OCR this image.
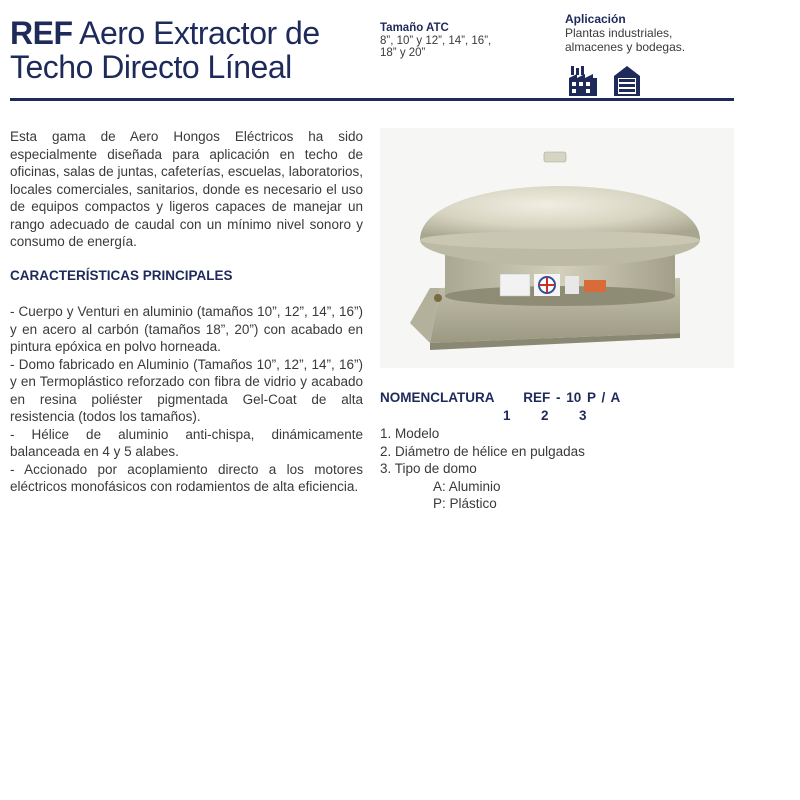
REF Aero Extractor de
Techo Directo Líneal
Tamaño ATC
8”, 10” y 12”, 14”, 16”,
18” y 20”
Aplicación
Plantas industriales,
almacenes y bodegas.

Esta gama de Aero Hongos Eléctricos ha sido especialmente diseñada para aplicación en techo de oficinas, salas de juntas, cafeterías, escuelas, laboratorios, locales comerciales, sanitarios, donde es necesario el uso de equipos compactos y ligeros capaces de manejar un rango adecuado de caudal con un mínimo nivel sonoro y consumo de energía.
CARACTERÍSTICAS PRINCIPALES

- Cuerpo y Venturi en aluminio (tamaños 10”, 12”, 14”, 16”) y en acero al carbón (tamaños 18”, 20”) con acabado en pintura epóxica en polvo horneada.

- Domo fabricado en Aluminio (Tamaños 10”, 12”, 14”, 16”) y en Termoplástico reforzado con fibra de vidrio y acabado en resina poliéster pigmentada Gel-Coat de alta resistencia (todos los tamaños).

- Hélice de aluminio anti-chispa, dinámicamente balanceada en 4 y 5 alabes.

- Accionado por acoplamiento directo a los motores eléctricos monofásicos con rodamientos de alta eficiencia.

NOMENCLATURA REF - 10 P / A
1 2 3
1. Modelo
2. Diámetro de hélice en pulgadas
3. Tipo de domo
A: Aluminio
P: Plástico
